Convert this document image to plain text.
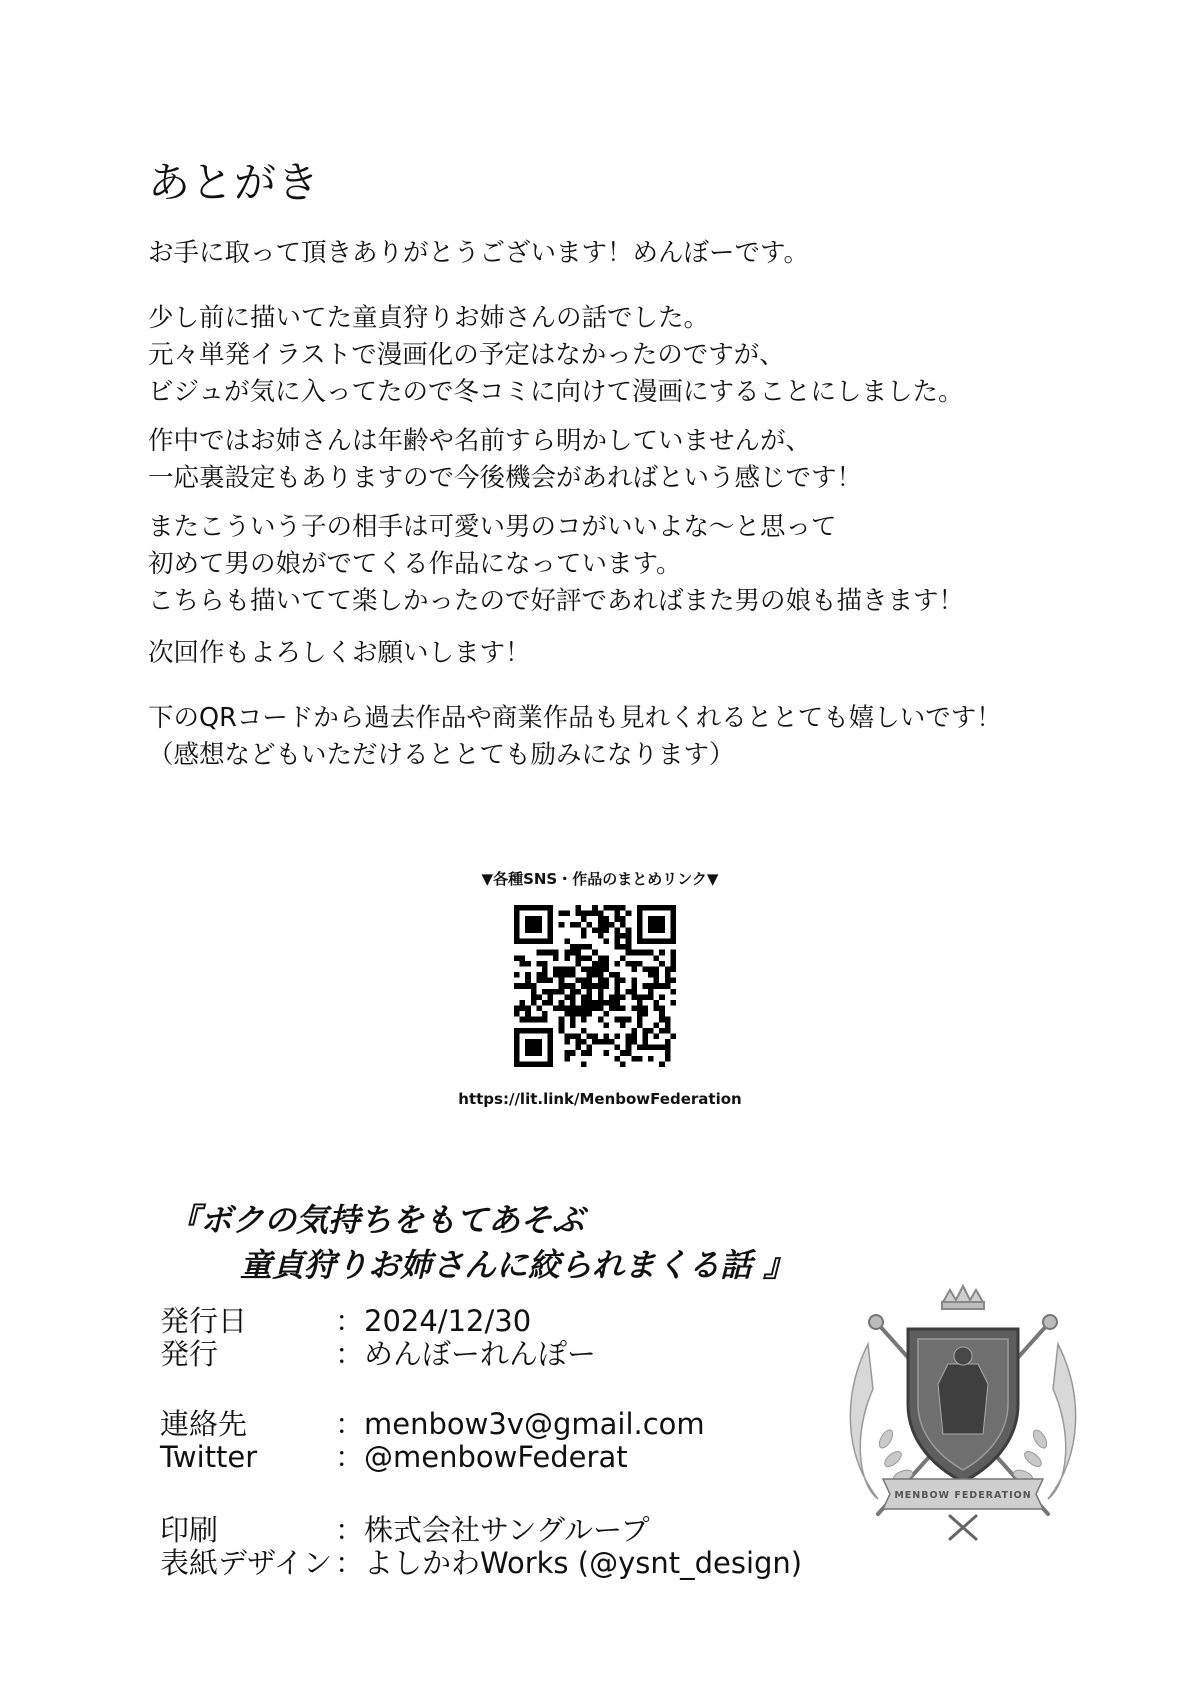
あとがき
お手に取って頂きありがとうございます！めんぼーです。
少し前に描いてた童貞狩りお姉さんの話でした。
元々単発イラストで漫画化の予定はなかったのですが、
ビジュが気に入ってたので冬コミに向けて漫画にすることにしました。
作中ではお姉さんは年齢や名前すら明かしていませんが、
一応裏設定もありますので今後機会があればという感じです！
またこういう子の相手は可愛い男のコがいいよな～と思って
初めて男の娘がでてくる作品になっています。
こちらも描いてて楽しかったので好評であればまた男の娘も描きます！
次回作もよろしくお願いします！
下のQRコードから過去作品や商業作品も見れくれるととても嬉しいです！
（感想などもいただけるととても励みになります）
▼各種SNS・作品のまとめリンク▼
https://lit.link/MenbowFederation
『ボクの気持ちをもてあそぶ
童貞狩りお姉さんに絞られまくる話 』
発行日	：2024/12/30
発行	：めんぼーれんぽー
連絡先	：menbow3v@gmail.com
Twitter	：@menbowFederat
印刷	：株式会社サングループ
表紙デザイン ：よしかわWorks (@ysnt_design)
MENBOW FEDERATION
